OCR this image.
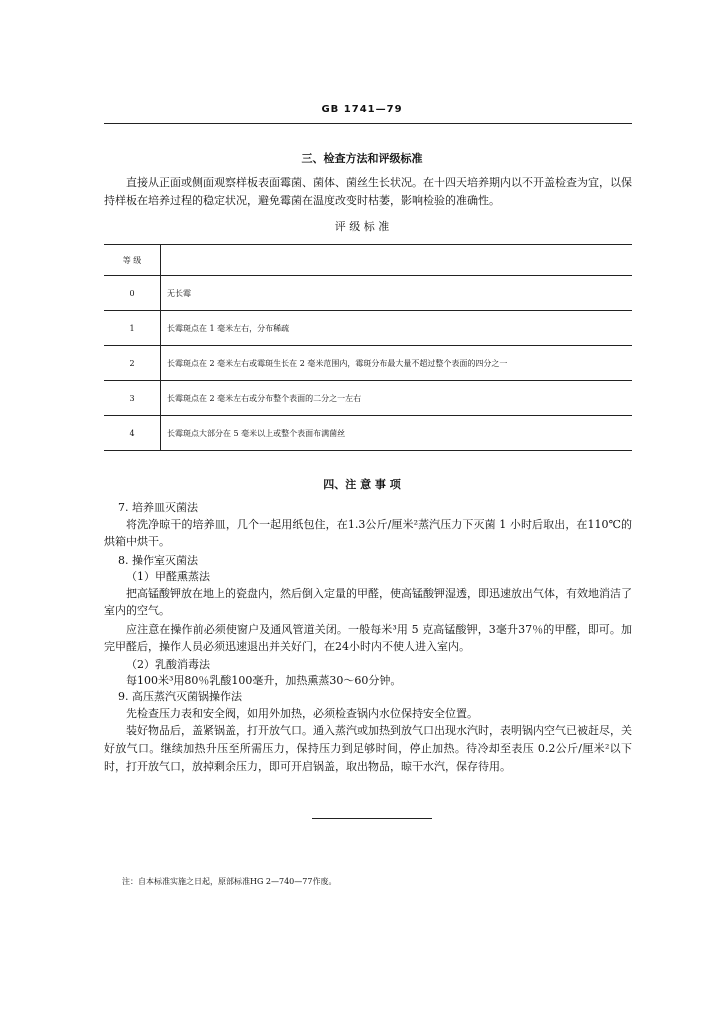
GB 1741—79
三、检查方法和评级标准

直接从正面或侧面观察样板表面霉菌、菌体、菌丝生长状况。在十四天培养期内以不开盖检查为宜，以保持样板在培养过程的稳定状况，避免霉菌在温度改变时枯萎，影响检验的准确性。

评 级 标 准
等 级	
0	无长霉
1	长霉斑点在 1 毫米左右，分布稀疏
2	长霉斑点在 2 毫米左右或霉斑生长在 2 毫米范围内，霉斑分布最大量不超过整个表面的四分之一
3	长霉斑点在 2 毫米左右或分布整个表面的二分之一左右
4	长霉斑点大部分在 5 毫米以上或整个表面布满菌丝
四、注 意 事 项
7. 培养皿灭菌法

将洗净晾干的培养皿，几个一起用纸包住，在1.3公斤/厘米²蒸汽压力下灭菌 1 小时后取出，在110℃的烘箱中烘干。

8. 操作室灭菌法
（1）甲醛熏蒸法

把高锰酸钾放在地上的瓷盘内，然后倒入定量的甲醛，使高锰酸钾湿透，即迅速放出气体，有效地消洁了室内的空气。

应注意在操作前必须使窗户及通风管道关闭。一般每米³用 5 克高锰酸钾，3毫升37％的甲醛，即可。加完甲醛后，操作人员必须迅速退出并关好门，在24小时内不使人进入室内。

（2）乳酸消毒法
每100米³用80％乳酸100毫升，加热熏蒸30～60分钟。
9. 高压蒸汽灭菌锅操作法
先检查压力表和安全阀，如用外加热，必须检查锅内水位保持安全位置。

装好物品后，盖紧锅盖，打开放气口。通入蒸汽或加热到放气口出现水汽时，表明锅内空气已被赶尽，关好放气口。继续加热升压至所需压力，保持压力到足够时间，停止加热。待冷却至表压 0.2公斤/厘米²以下时，打开放气口，放掉剩余压力，即可开启锅盖，取出物品，晾干水汽，保存待用。

注：自本标准实施之日起，原部标准HG 2—740—77作废。
